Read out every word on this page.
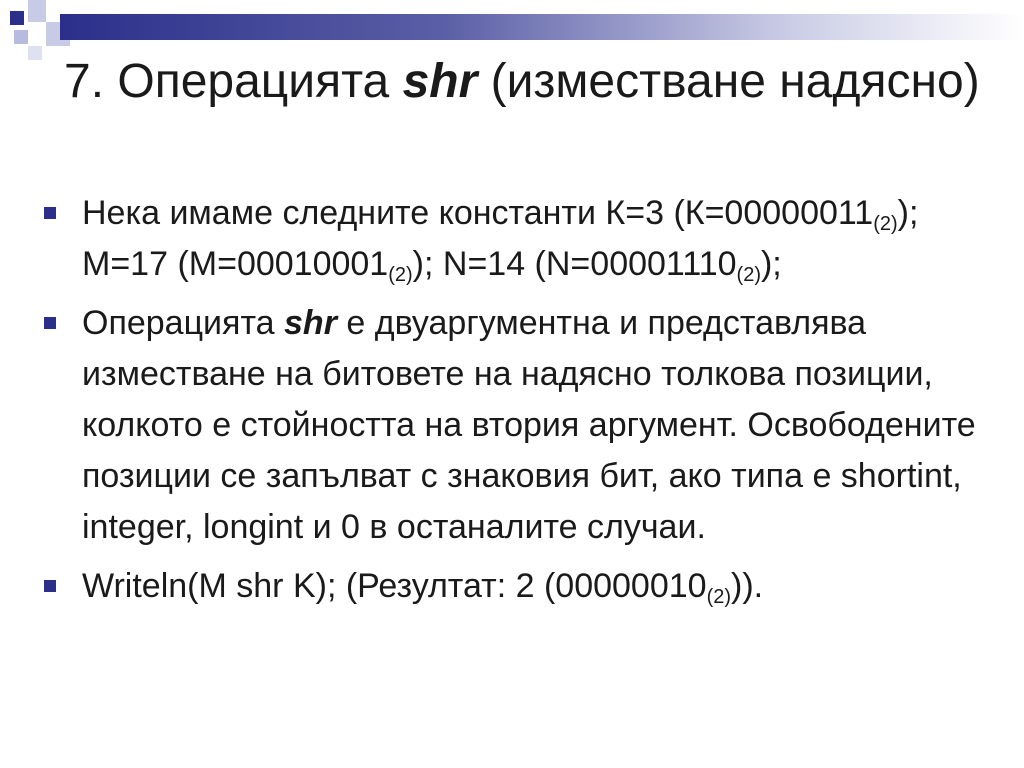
7. Операцията shr (изместване надясно)
Нека имаме следните константи К=3 $(К=00000011_{(2)})$; M=17 $(M=00010001_{(2)})$; N=14 $(N=00001110_{(2)})$;
Операцията shr е двуаргументна и представлява изместване на битовете на надясно толкова позиции, колкото е стойността на втория аргумент. Освободените позиции се запълват с знаковия бит, ако типа е shortint, integer, longint и 0 в останалите случаи.
Writeln(M shr K); (Резултат: 2 $(00000010_{(2)})$).
